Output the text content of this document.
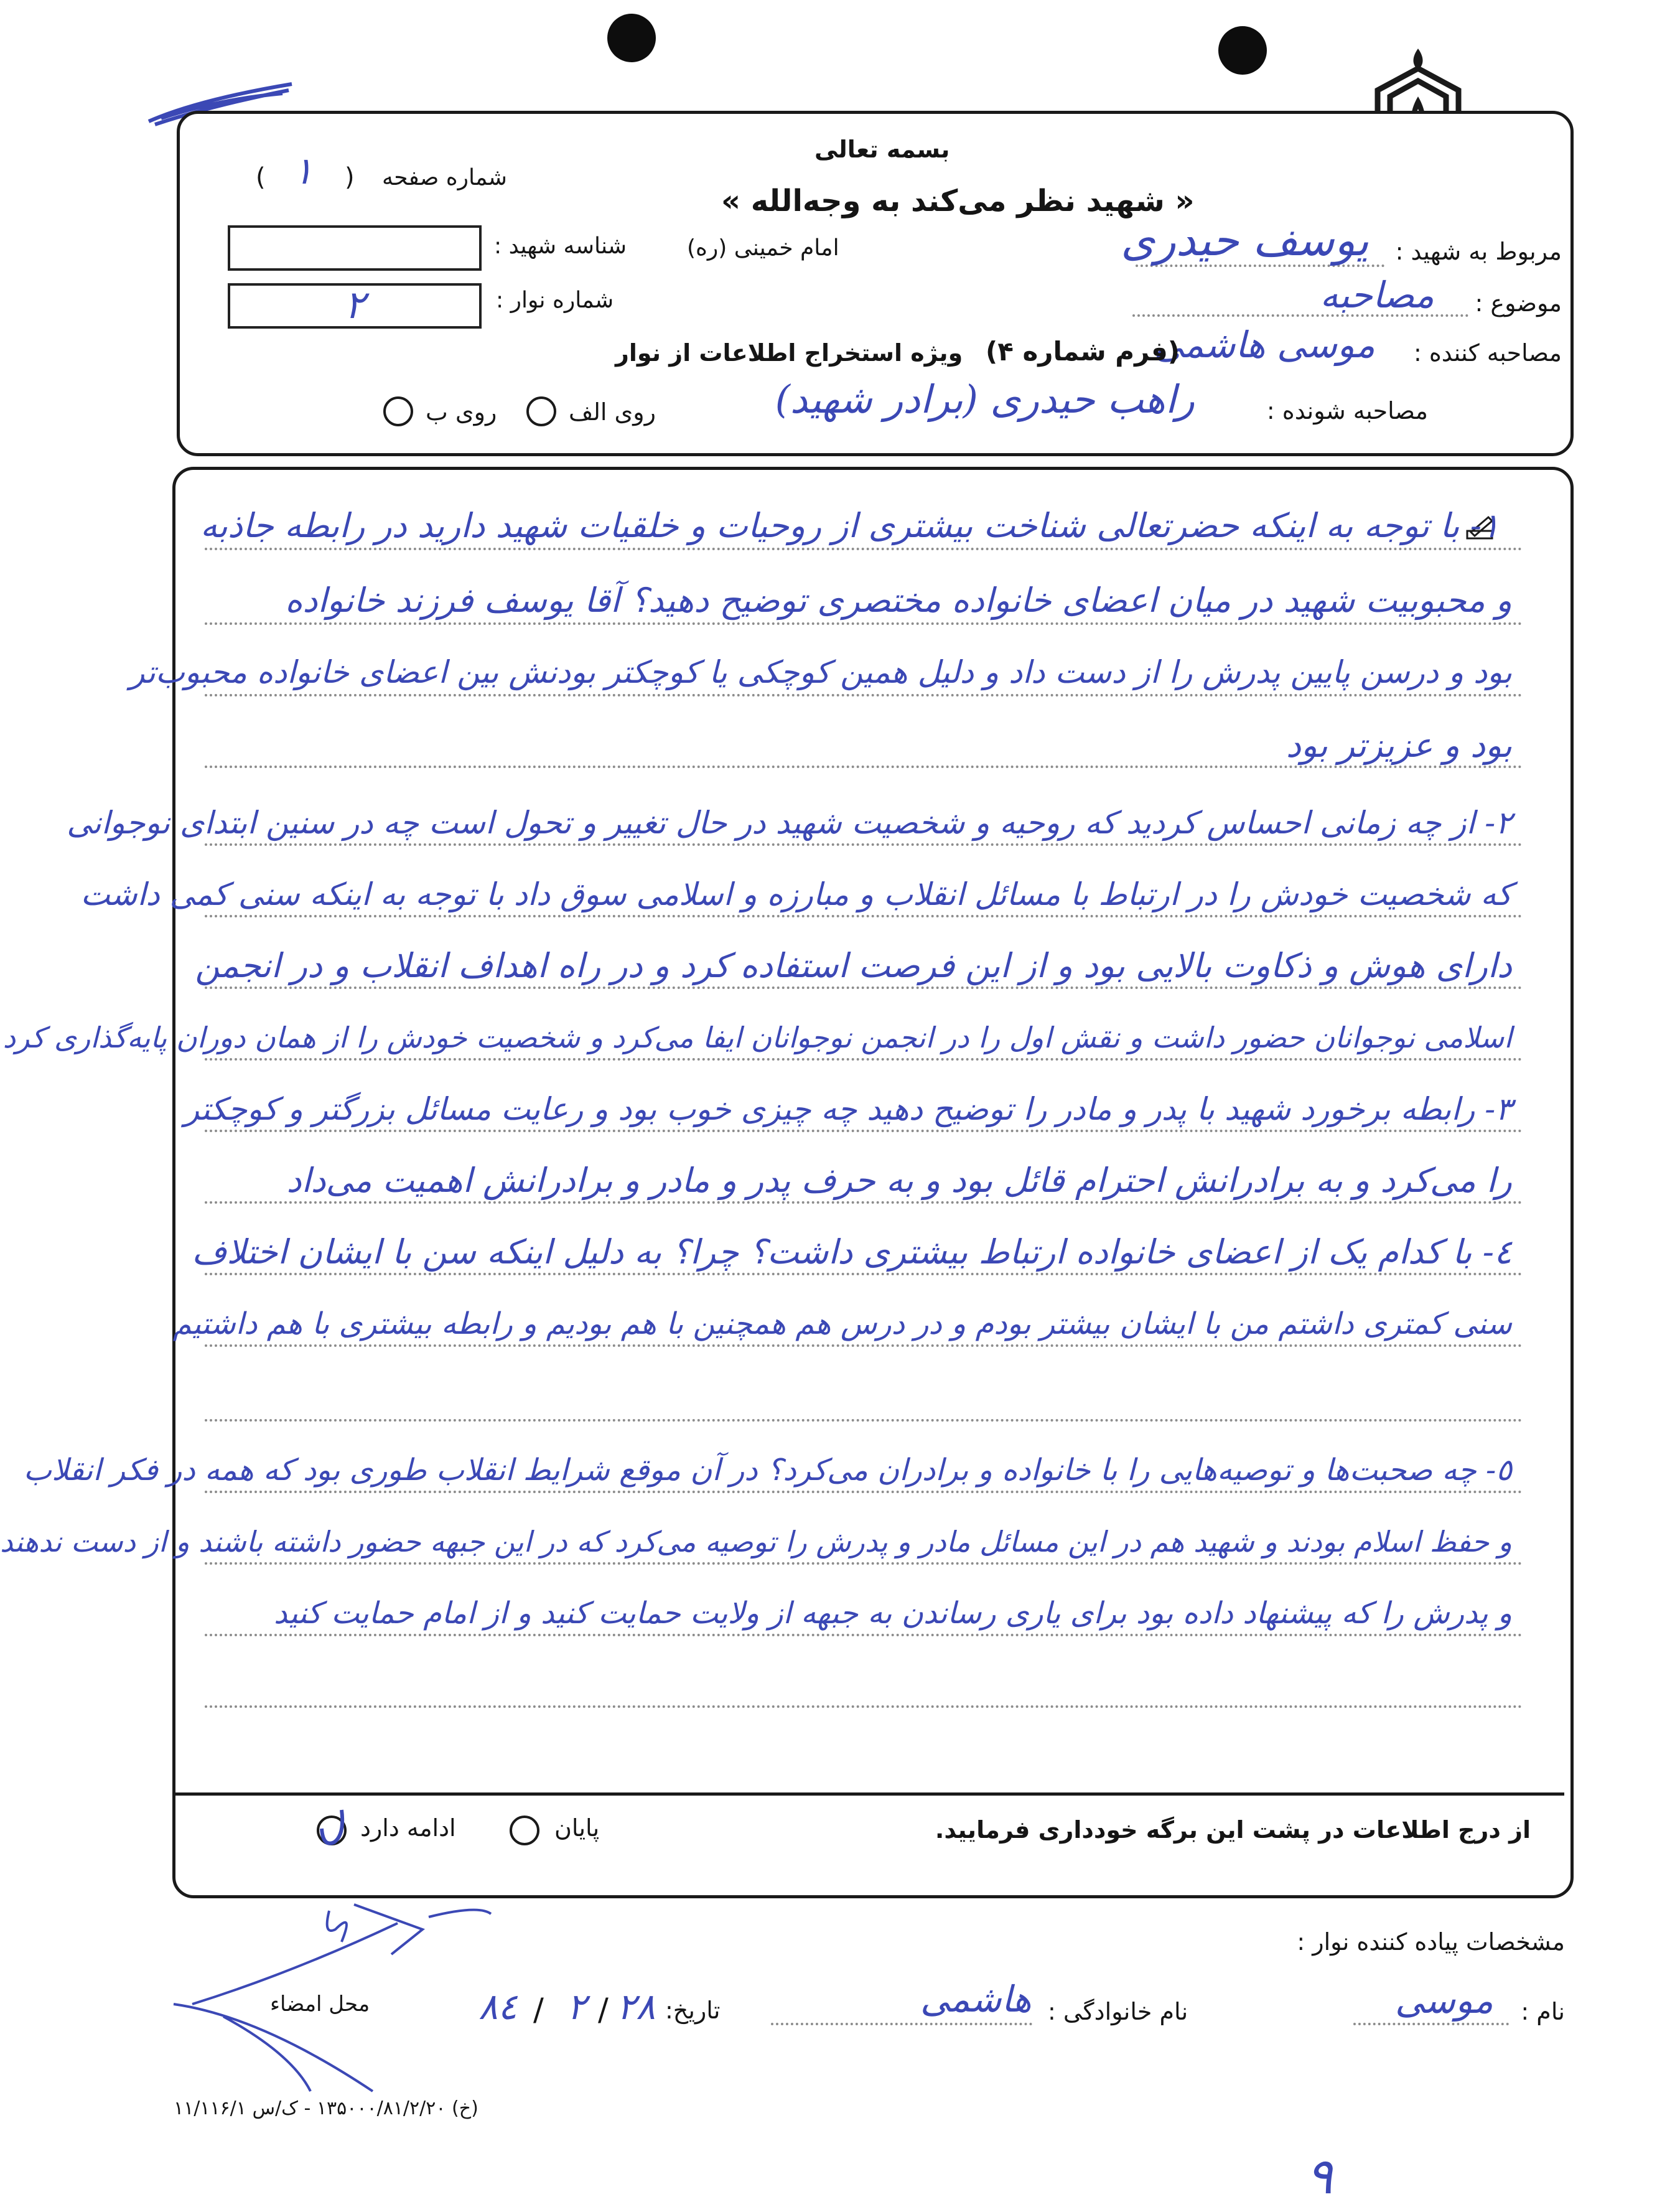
بسمه تعالی
« شهید نظر می‌کند به وجه‌الله »
امام خمینی (ره)
شماره صفحه
(
١
)
شناسه شهید :
شماره نوار :
٢
مربوط به شهید :
یوسف حیدری
موضوع :
مصاحبه
مصاحبه کننده :
موسی هاشمی
(فرم شماره ۴)
ویژه استخراج اطلاعات از نوار
مصاحبه شونده :
راهب حیدری (برادر شهید)
روی الف
روی ب
١- با توجه به اینکه حضرتعالی شناخت بیشتری از روحیات و خلقیات شهید دارید در رابطه جاذبه
و محبوبیت شهید در میان اعضای خانواده مختصری توضیح دهید؟ آقا یوسف فرزند خانواده
بود و درسن پایین پدرش را از دست داد و دلیل همین کوچکی یا کوچکتر بودنش بین اعضای خانواده محبوب‌تر
بود و عزیز‌تر بود
٢- از چه زمانی احساس کردید که روحیه و شخصیت شهید در حال تغییر و تحول است چه در سنین ابتدای نوجوانی
که شخصیت خودش را در ارتباط با مسائل انقلاب و مبارزه و اسلامی سوق داد با توجه به اینکه سنی کمی داشت
دارای هوش و ذکاوت بالایی بود و از این فرصت استفاده کرد و در راه اهداف انقلاب و در انجمن
اسلامی نوجوانان حضور داشت و نقش اول را در انجمن نوجوانان ایفا می‌کرد و شخصیت خودش را از همان دوران پایه‌گذاری کرد
٣- رابطه برخورد شهید با پدر و مادر را توضیح دهید چه چیزی خوب بود و رعایت مسائل بزرگتر و کوچکتر
را می‌کرد و به برادرانش احترام قائل بود و به حرف پدر و مادر و برادرانش اهمیت می‌داد
٤- با کدام یک از اعضای خانواده ارتباط بیشتری داشت؟ چرا؟ به دلیل اینکه سن با ایشان اختلاف
سنی کمتری داشتم من با ایشان بیشتر بودم و در درس هم همچنین با هم بودیم و رابطه بیشتری با هم داشتیم
٥- چه صحبت‌ها و توصیه‌هایی را با خانواده و برادران می‌کرد؟ در آن موقع شرایط انقلاب طوری بود که همه در فکر انقلاب
و حفظ اسلام بودند و شهید هم در این مسائل مادر و پدرش را توصیه می‌کرد که در این جبهه حضور داشته باشند و از دست ندهند
و پدرش را که پیشنهاد داده بود برای یاری رساندن به جبهه از ولایت حمایت کنید و از امام حمایت کنید
از درج اطلاعات در پشت این برگه خودداری فرمایید.
پایان
ادامه دارد
مشخصات پیاده کننده نوار :
نام :
موسی
نام خانوادگی :
هاشمی
تاریخ:
٢٨
/
٢
/
٨٤
محل امضاء
(خ) ۱۳۵۰۰۰/۸۱/۲/۲۰ - ک/س ۱۱/۱۱۶/۱
٩
